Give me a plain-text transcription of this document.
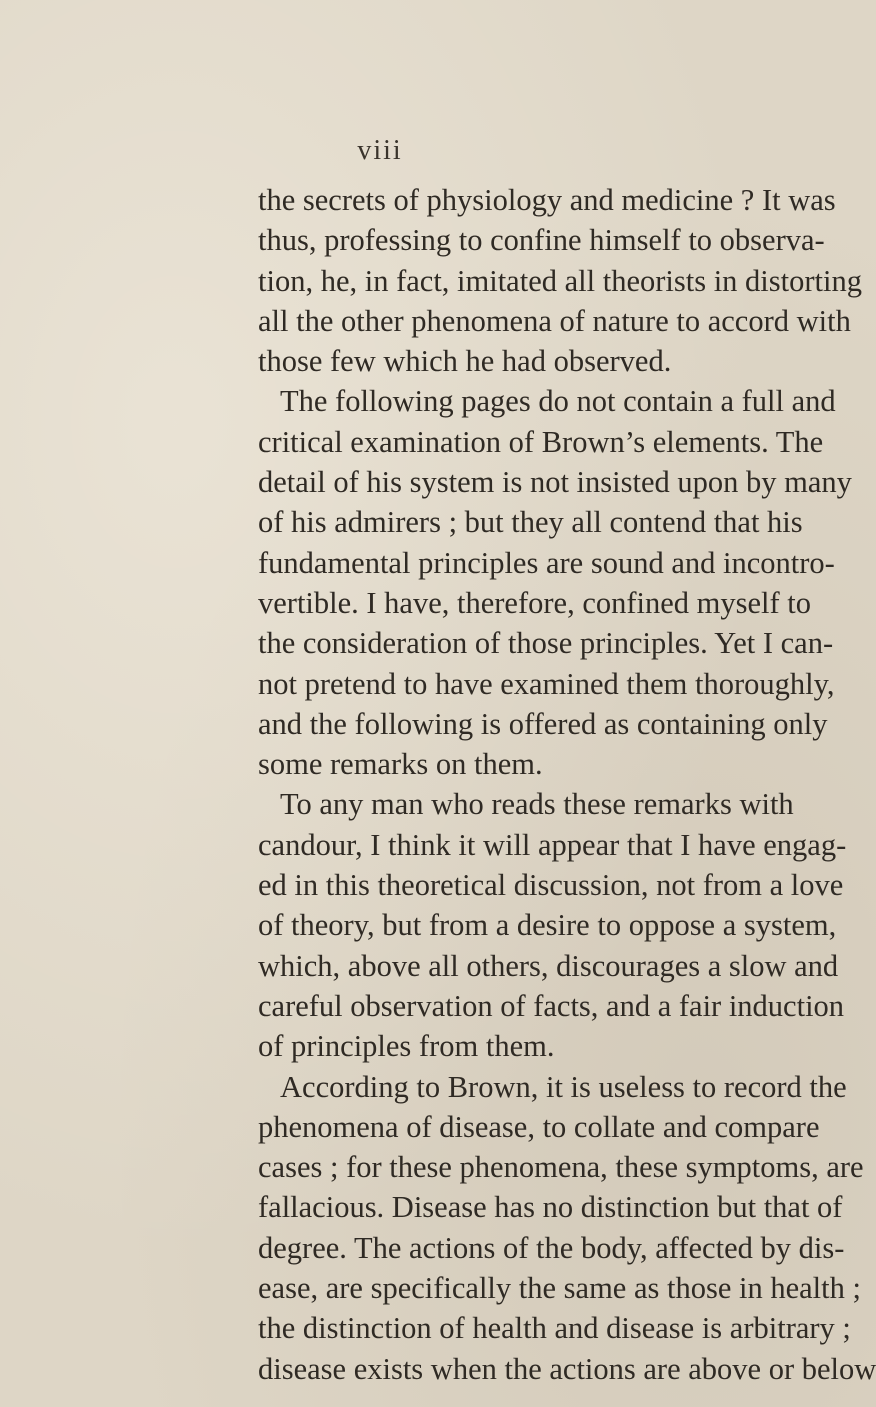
viii
the secrets of physiology and medicine ? It was
thus, professing to confine himself to observa-
tion, he, in fact, imitated all theorists in distorting
all the other phenomena of nature to accord with
those few which he had observed.
The following pages do not contain a full and
critical examination of Brown’s elements. The
detail of his system is not insisted upon by many
of his admirers ; but they all contend that his
fundamental principles are sound and incontro-
vertible. I have, therefore, confined myself to
the consideration of those principles. Yet I can-
not pretend to have examined them thoroughly,
and the following is offered as containing only
some remarks on them.
To any man who reads these remarks with
candour, I think it will appear that I have engag-
ed in this theoretical discussion, not from a love
of theory, but from a desire to oppose a system,
which, above all others, discourages a slow and
careful observation of facts, and a fair induction
of principles from them.
According to Brown, it is useless to record the
phenomena of disease, to collate and compare
cases ; for these phenomena, these symptoms, are
fallacious. Disease has no distinction but that of
degree. The actions of the body, affected by dis-
ease, are specifically the same as those in health ;
the distinction of health and disease is arbitrary ;
disease exists when the actions are above or below
